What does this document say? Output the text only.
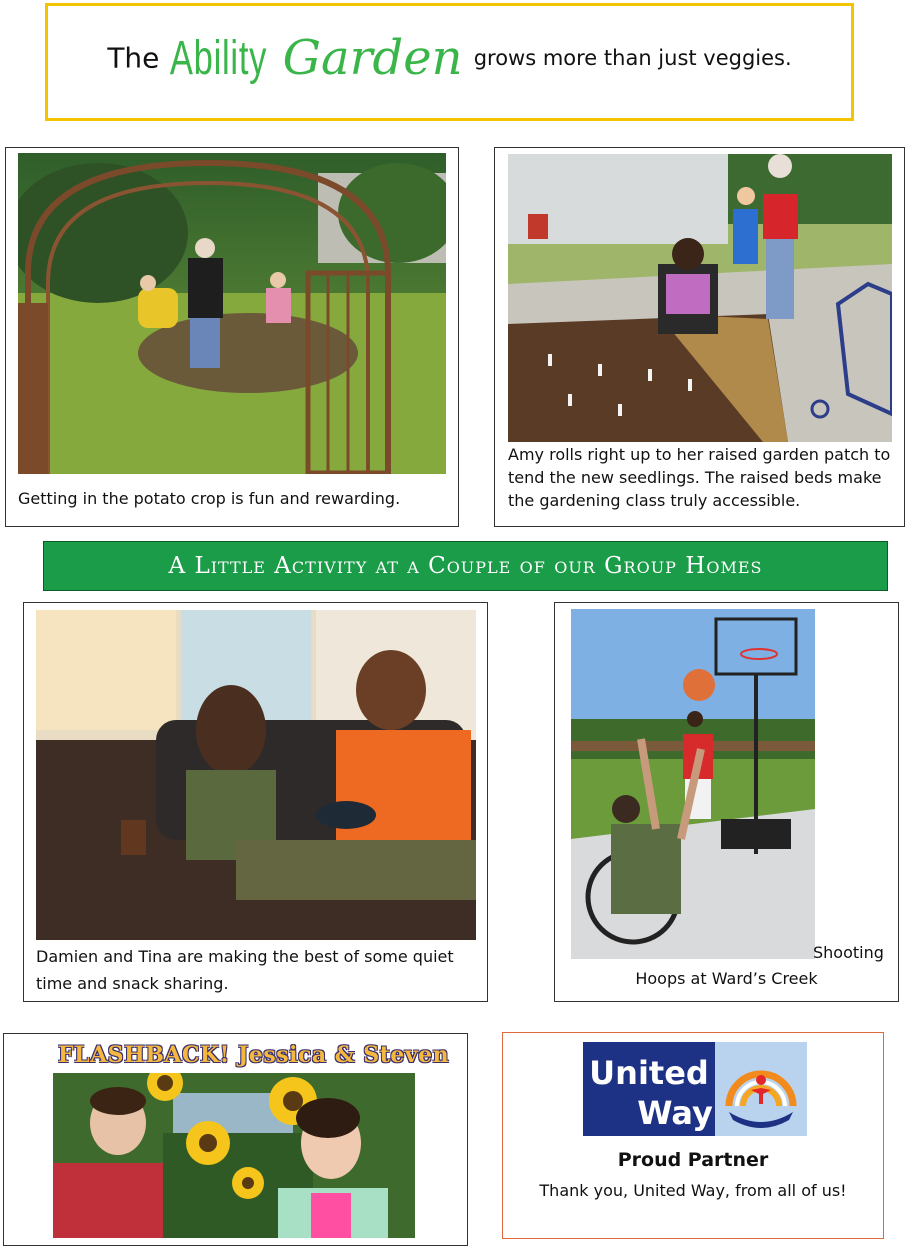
The Ability Garden grows more than just veggies.
Getting in the potato crop is fun and rewarding.
Amy rolls right up to her raised garden patch to tend the new seedlings. The raised beds make the gardening class truly accessible.
A Little Activity at a Couple of our Group Homes
Damien and Tina are making the best of some quiet time and snack sharing.
Shooting
Hoops at Ward’s Creek
FLASHBACK! Jessica & Steven	United
Way
Proud Partner
Thank you, United Way, from all of us!
